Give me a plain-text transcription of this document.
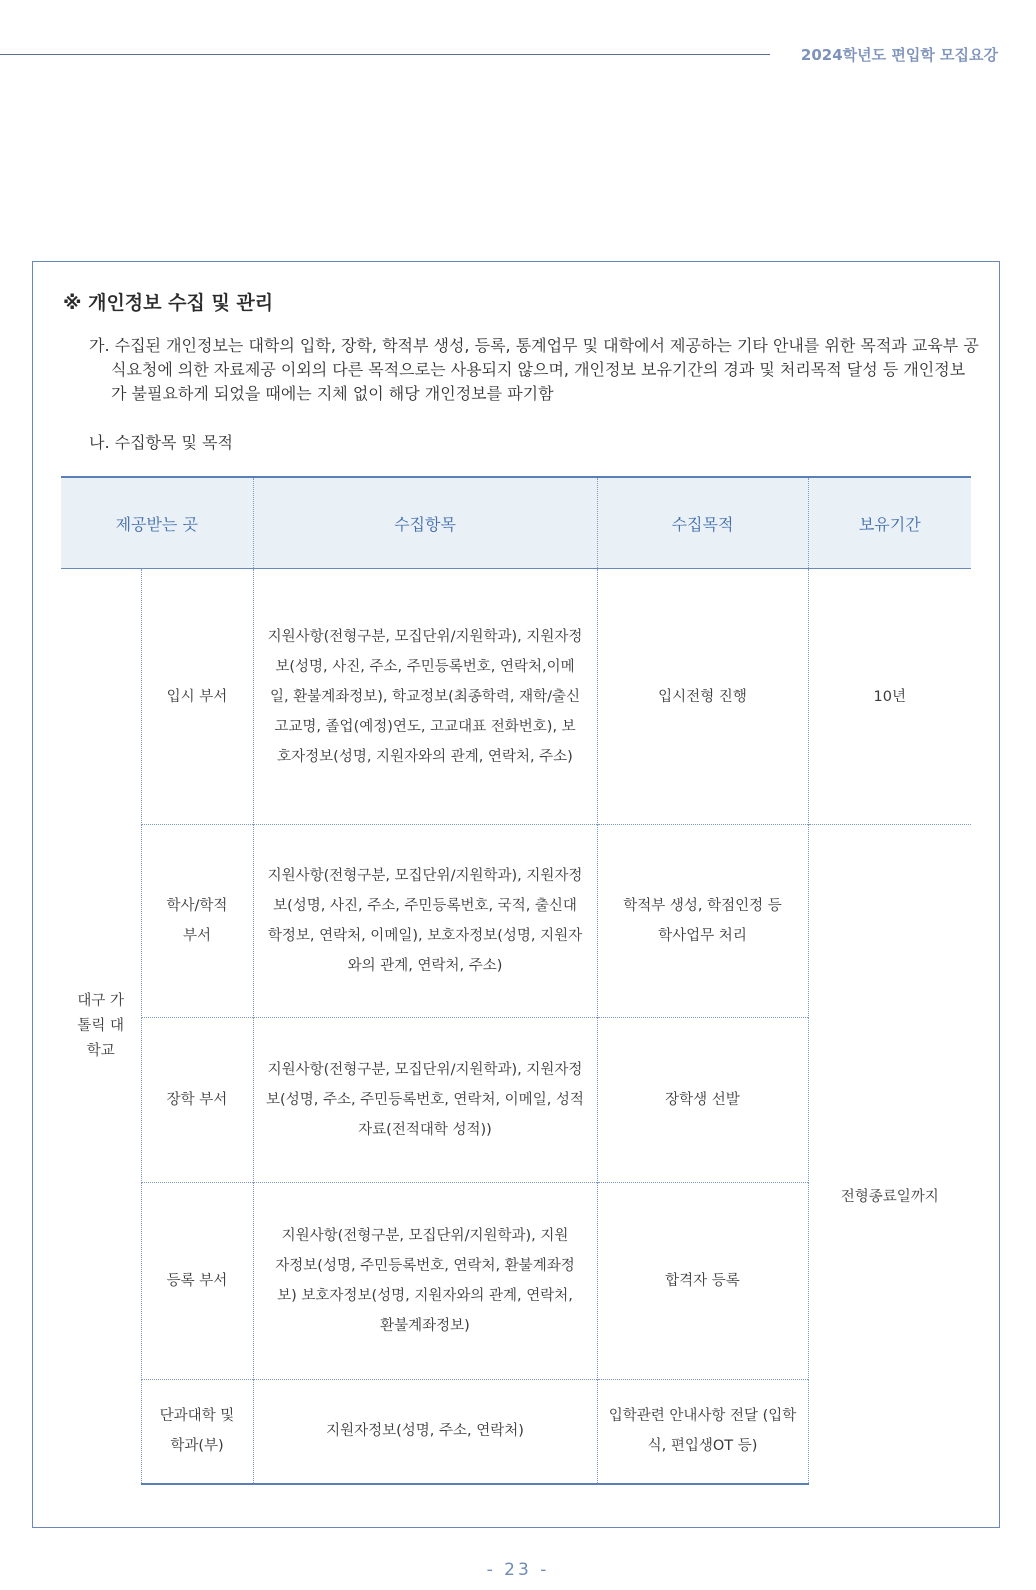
2024학년도 편입학 모집요강
※ 개인정보 수집 및 관리
가. 수집된 개인정보는 대학의 입학, 장학, 학적부 생성, 등록, 통계업무 및 대학에서 제공하는 기타 안내를 위한 목적과 교육부 공식요청에 의한 자료제공 이외의 다른 목적으로는 사용되지 않으며, 개인정보 보유기간의 경과 및 처리목적 달성 등 개인정보가 불필요하게 되었을 때에는 지체 없이 해당 개인정보를 파기함
나. 수집항목 및 목적
제공받는 곳		수집항목	수집목적	보유기간

대구 가톨릭 대학교	입시 부서	지원사항(전형구분, 모집단위/지원학과), 지원자정보(성명, 사진, 주소, 주민등록번호, 연락처,이메일, 환불계좌정보), 학교정보(최종학력, 재학/출신고교명, 졸업(예정)연도, 고교대표 전화번호), 보호자정보(성명, 지원자와의 관계, 연락처, 주소)	입시전형 진행	10년

	학사/학적 부서	지원사항(전형구분, 모집단위/지원학과), 지원자정보(성명, 사진, 주소, 주민등록번호, 국적, 출신대학정보, 연락처, 이메일), 보호자정보(성명, 지원자와의 관계, 연락처, 주소)	학적부 생성, 학점인정 등 학사업무 처리	전형종료일까지

	장학 부서	지원사항(전형구분, 모집단위/지원학과), 지원자정보(성명, 주소, 주민등록번호, 연락처, 이메일, 성적자료(전적대학 성적))	장학생 선발	
	등록 부서	지원사항(전형구분, 모집단위/지원학과), 지원자정보(성명, 주민등록번호, 연락처, 환불계좌정보) 보호자정보(성명, 지원자와의 관계, 연락처, 환불계좌정보)	합격자 등록	

	단과대학 및 학과(부)	지원자정보(성명, 주소, 연락처)	입학관련 안내사항 전달 (입학식, 편입생OT 등)	
- 23 -
